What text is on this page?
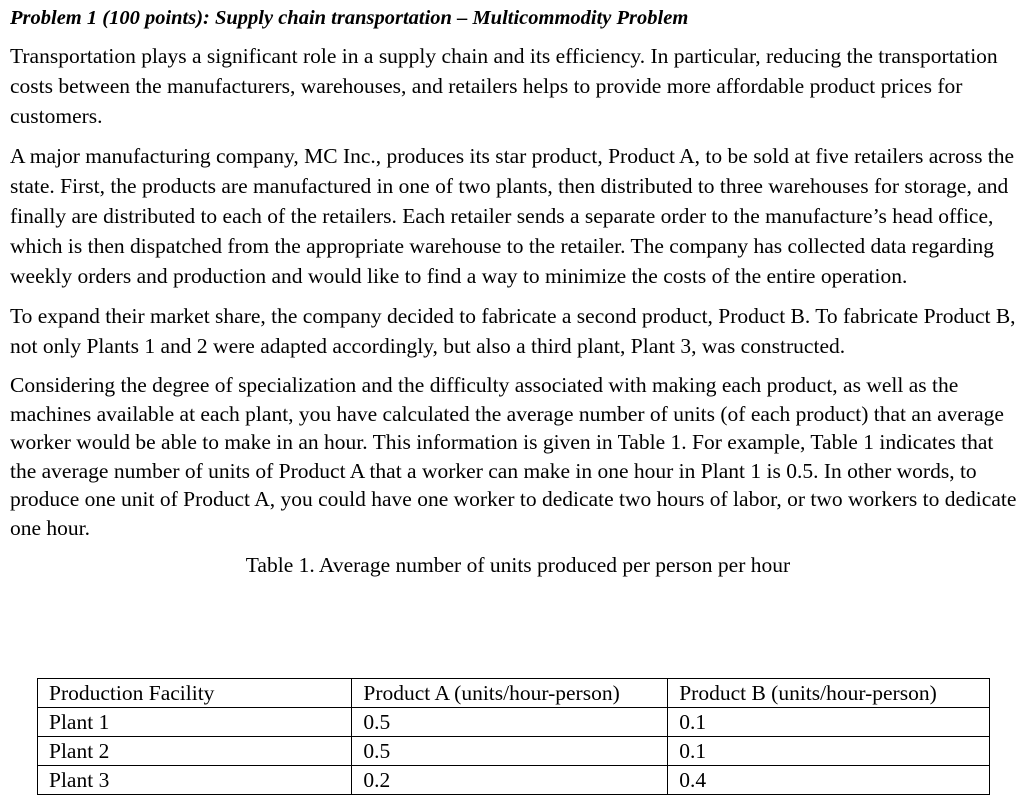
Problem 1 (100 points): Supply chain transportation – Multicommodity Problem

Transportation plays a significant role in a supply chain and its efficiency. In particular, reducing the transportation costs between the manufacturers, warehouses, and retailers helps to provide more affordable product prices for customers.

A major manufacturing company, MC Inc., produces its star product, Product A, to be sold at five retailers across the state. First, the products are manufactured in one of two plants, then distributed to three warehouses for storage, and finally are distributed to each of the retailers. Each retailer sends a separate order to the manufacture’s head office, which is then dispatched from the appropriate warehouse to the retailer. The company has collected data regarding weekly orders and production and would like to find a way to minimize the costs of the entire operation.

To expand their market share, the company decided to fabricate a second product, Product B. To fabricate Product B, not only Plants 1 and 2 were adapted accordingly, but also a third plant, Plant 3, was constructed.

Considering the degree of specialization and the difficulty associated with making each product, as well as the machines available at each plant, you have calculated the average number of units (of each product) that an average worker would be able to make in an hour. This information is given in Table 1. For example, Table 1 indicates that the average number of units of Product A that a worker can make in one hour in Plant 1 is 0.5. In other words, to produce one unit of Product A, you could have one worker to dedicate two hours of labor, or two workers to dedicate one hour.

Table 1. Average number of units produced per person per hour
Production Facility	Product A (units/hour-person)	Product B (units/hour-person)
Plant 1	0.5	0.1
Plant 2	0.5	0.1
Plant 3	0.2	0.4
